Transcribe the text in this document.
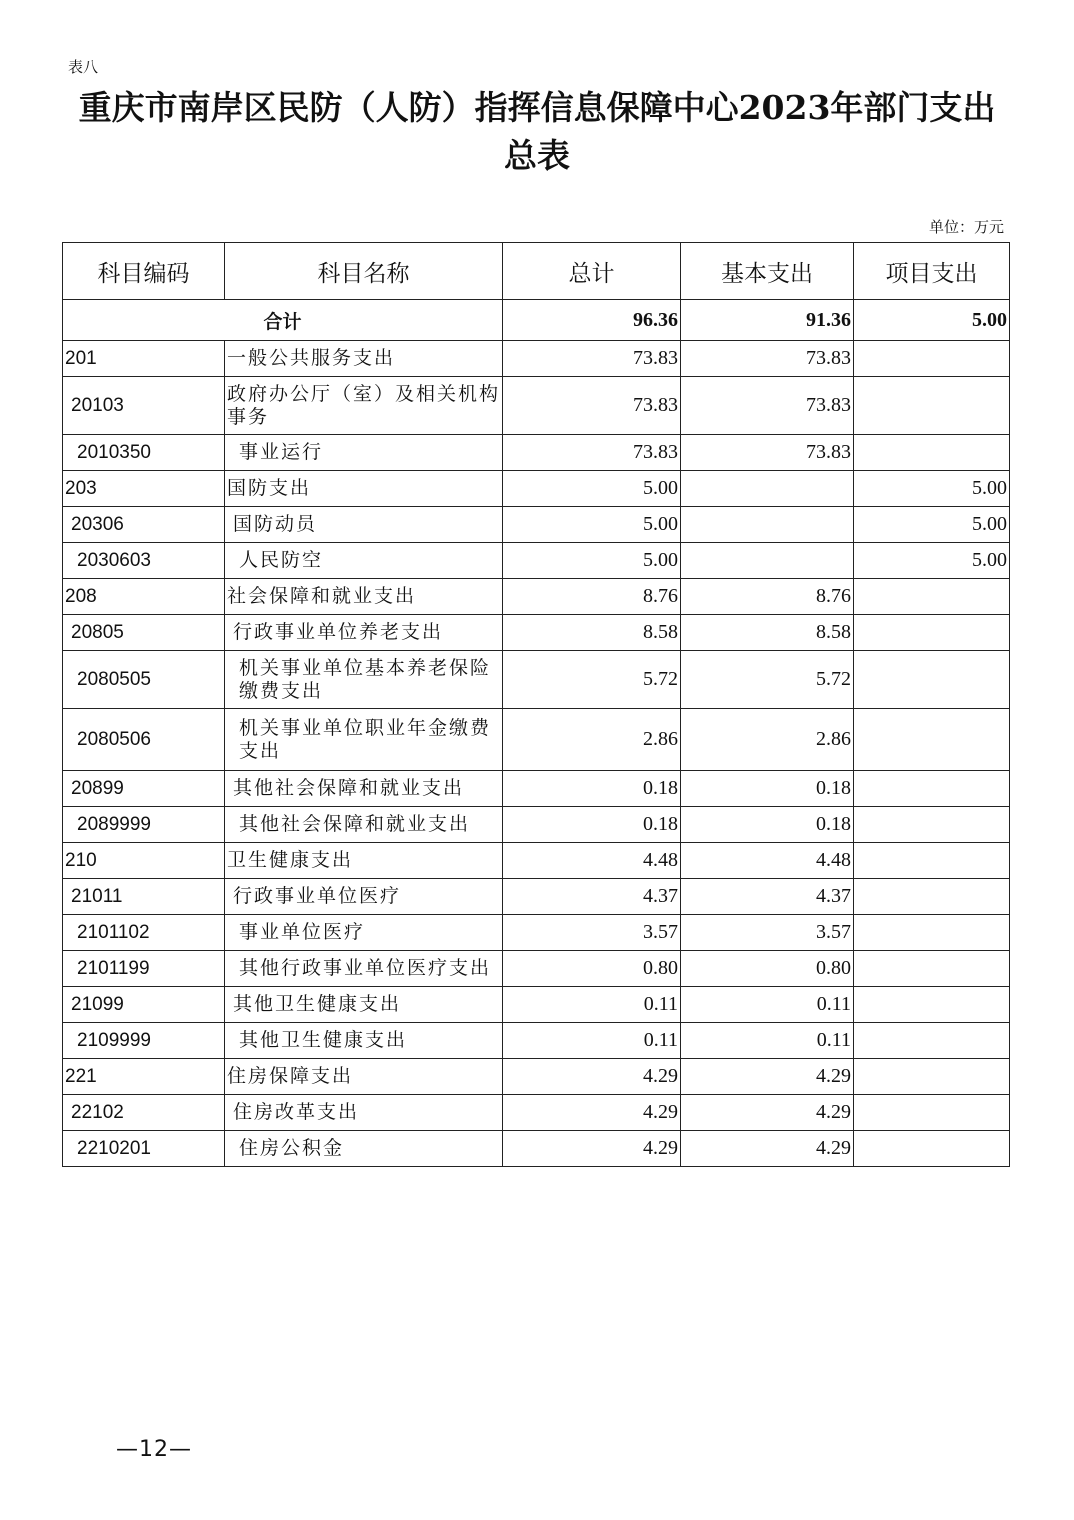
表八
重庆市南岸区民防（人防）指挥信息保障中心2023年部门支出
总表
单位：万元
科目编码	科目名称	总计	基本支出	项目支出
合计		96.36	91.36	5.00
201	一般公共服务支出	73.83	73.83	
20103	政府办公厅（室）及相关机构事务	73.83	73.83	
2010350	事业运行	73.83	73.83	
203	国防支出	5.00		5.00
20306	国防动员	5.00		5.00
2030603	人民防空	5.00		5.00
208	社会保障和就业支出	8.76	8.76	
20805	行政事业单位养老支出	8.58	8.58	
2080505	机关事业单位基本养老保险缴费支出	5.72	5.72	
2080506	机关事业单位职业年金缴费支出	2.86	2.86	
20899	其他社会保障和就业支出	0.18	0.18	
2089999	其他社会保障和就业支出	0.18	0.18	
210	卫生健康支出	4.48	4.48	
21011	行政事业单位医疗	4.37	4.37	
2101102	事业单位医疗	3.57	3.57	
2101199	其他行政事业单位医疗支出	0.80	0.80	
21099	其他卫生健康支出	0.11	0.11	
2109999	其他卫生健康支出	0.11	0.11	
221	住房保障支出	4.29	4.29	
22102	住房改革支出	4.29	4.29	
2210201	住房公积金	4.29	4.29	
—12—
